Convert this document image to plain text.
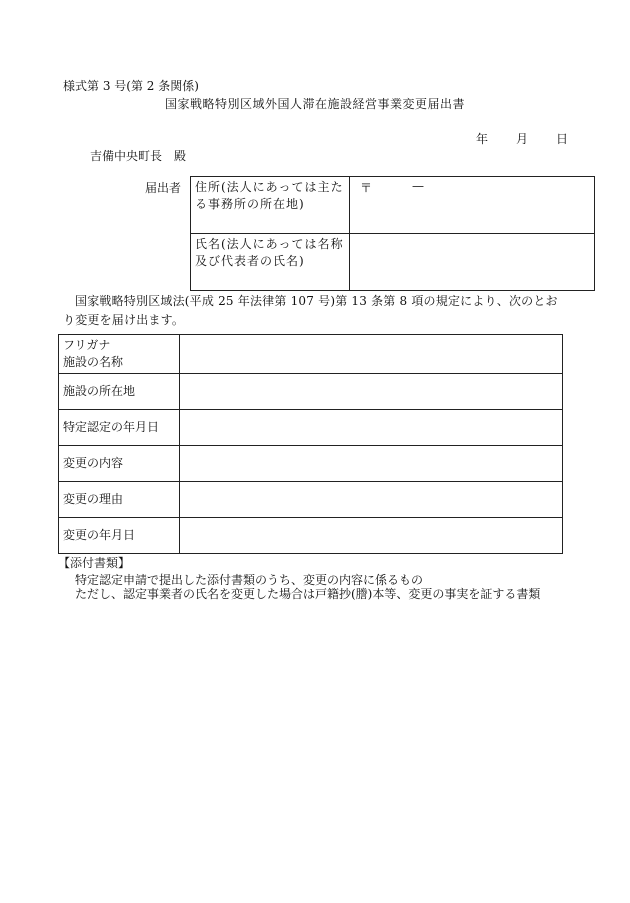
様式第 3 号(第 2 条関係)
国家戦略特別区域外国人滞在施設経営事業変更届出書
年 月 日
吉備中央町長　殿
届出者 住所(法人にあっては主たる事務所の所在地)	〒 —

氏名(法人にあっては名称及び代表者の氏名)	
国家戦略特別区域法(平成 25 年法律第 107 号)第 13 条第 8 項の規定により、次のとおり変更を届け出ます。
フリガナ
施設の名称	

施設の所在地	
特定認定の年月日	
変更の内容	
変更の理由	
変更の年月日	
【添付書類】
特定認定申請で提出した添付書類のうち、変更の内容に係るもの
ただし、認定事業者の氏名を変更した場合は戸籍抄(謄)本等、変更の事実を証する書類
